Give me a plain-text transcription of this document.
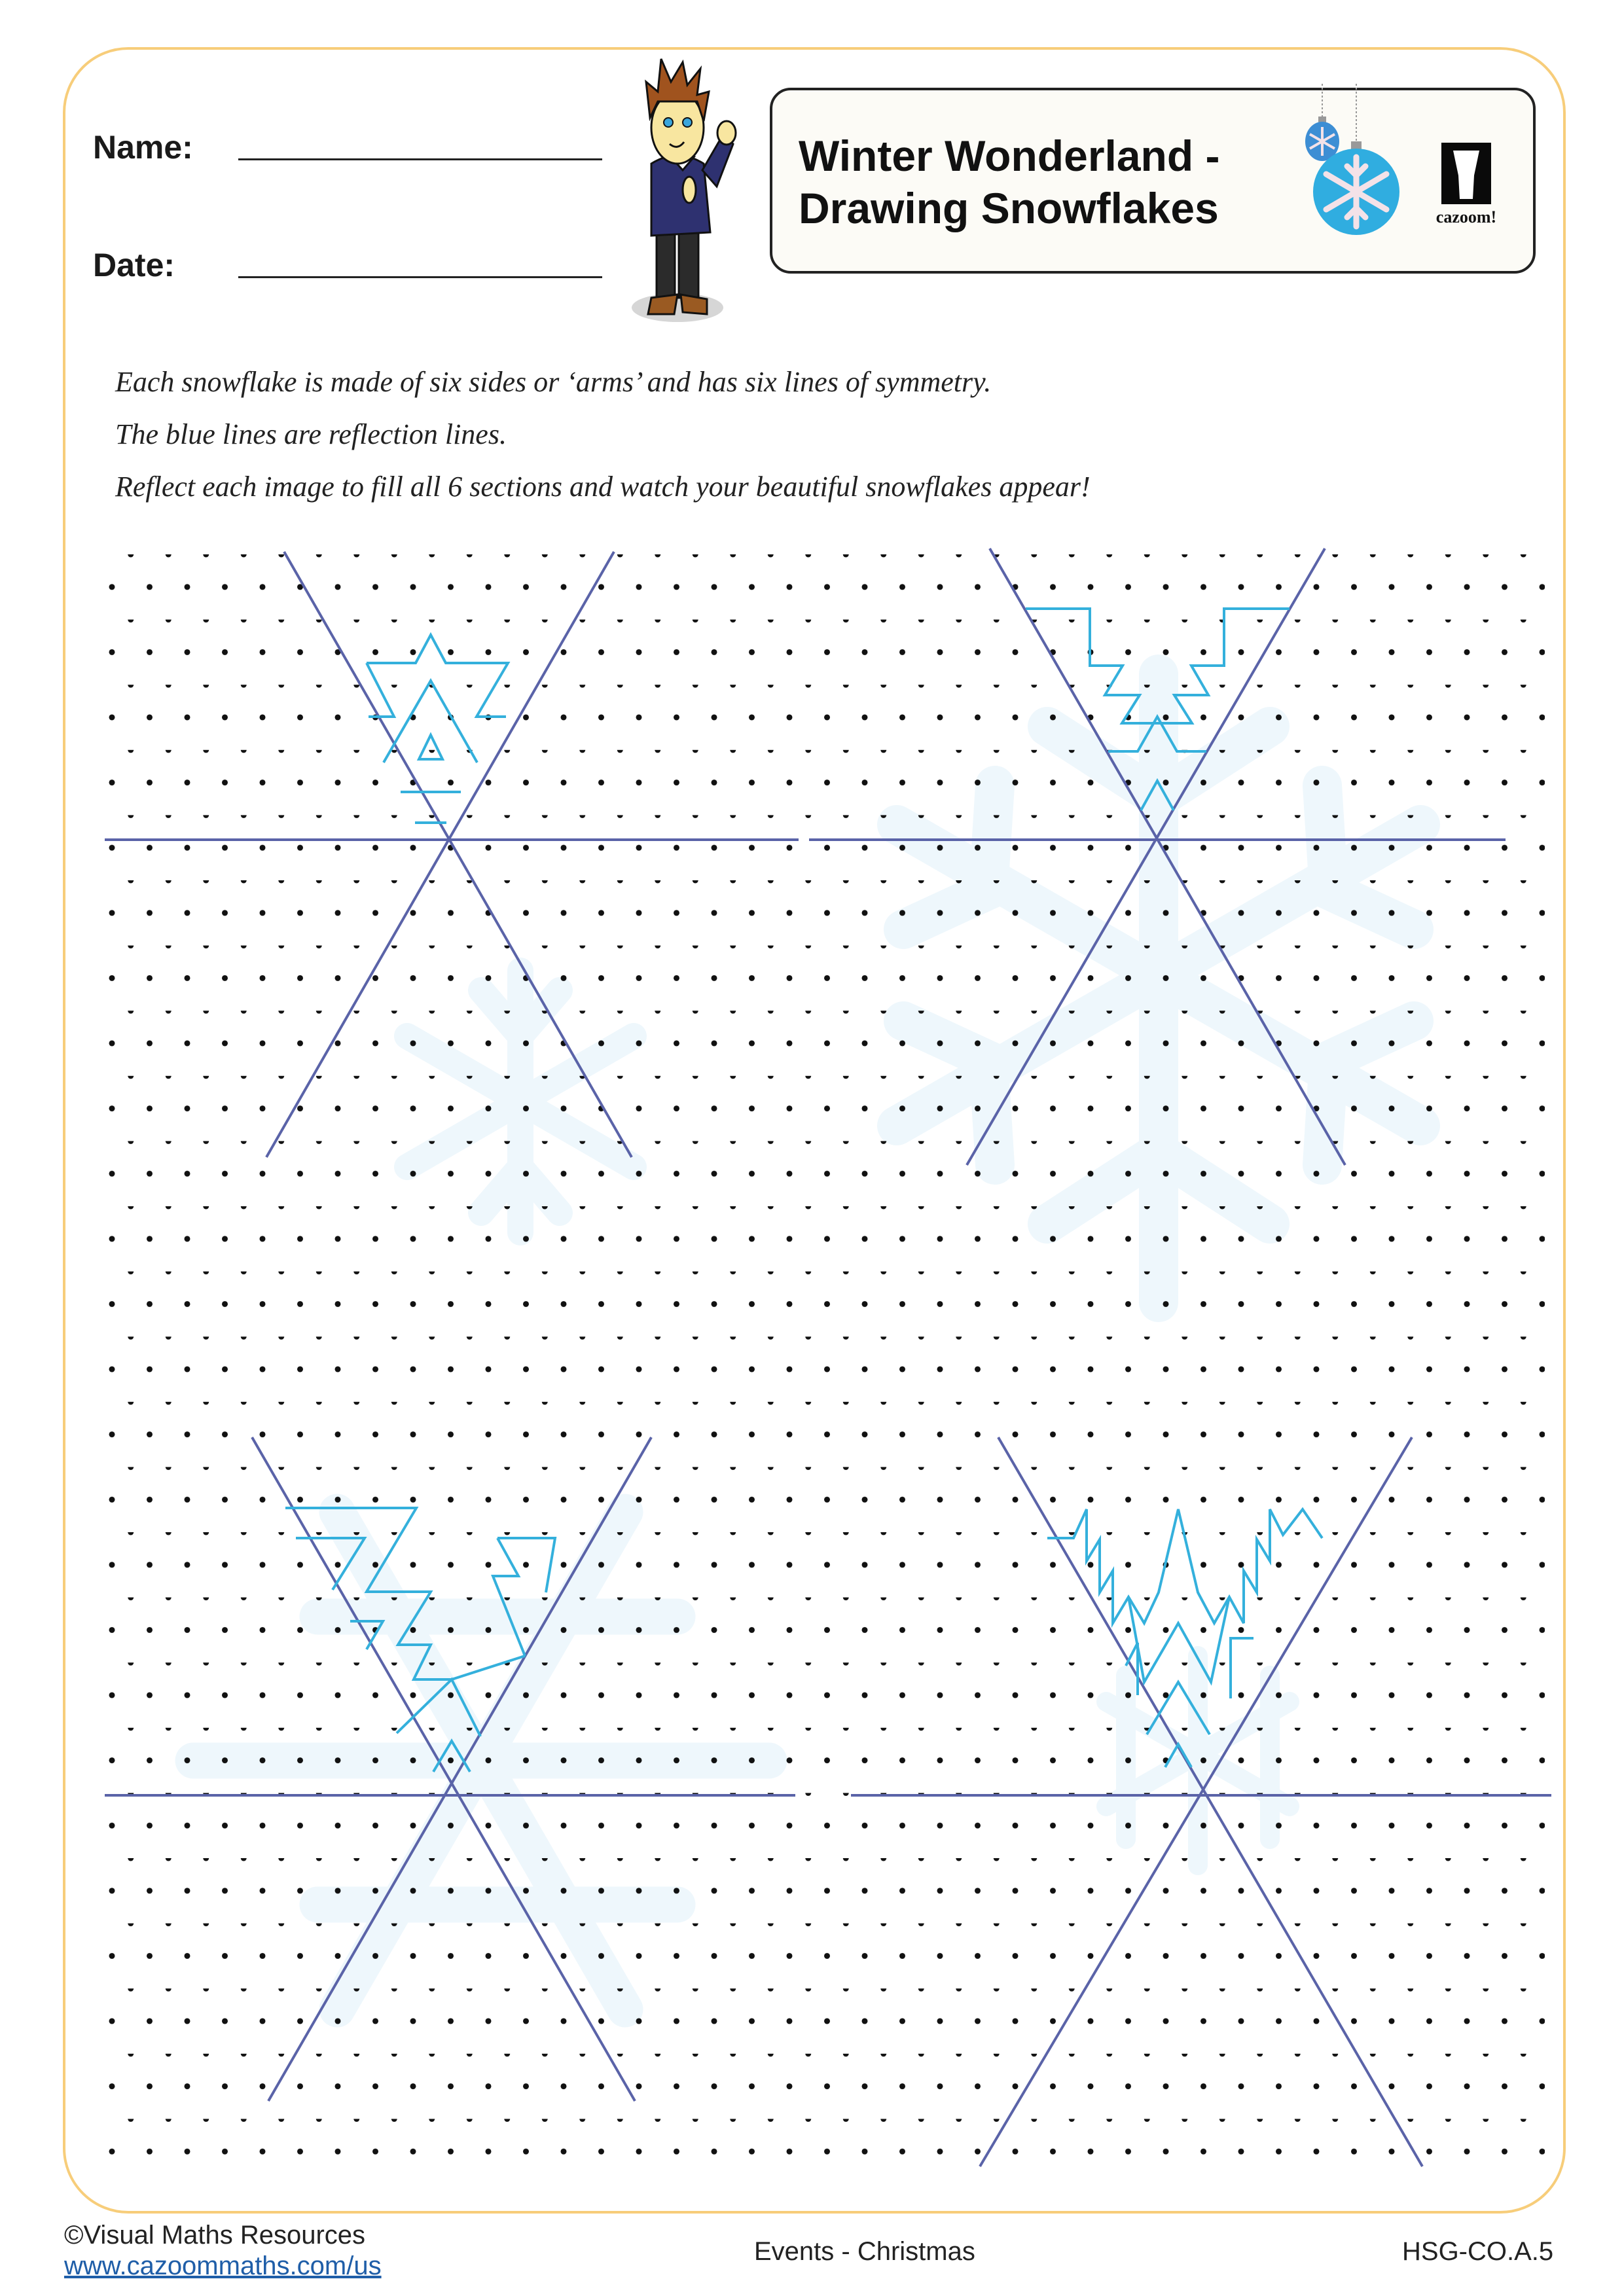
Name:
Date:
Winter Wonderland -
Drawing Snowflakes	cazoom!
Each snowflake is made of six sides or ‘arms’ and has six lines of symmetry.
The blue lines are reflection lines.
Reflect each image to fill all 6 sections and watch your beautiful snowflakes appear!
©Visual Maths Resources
www.cazoommaths.com/us	Events - Christmas	HSG-CO.A.5
